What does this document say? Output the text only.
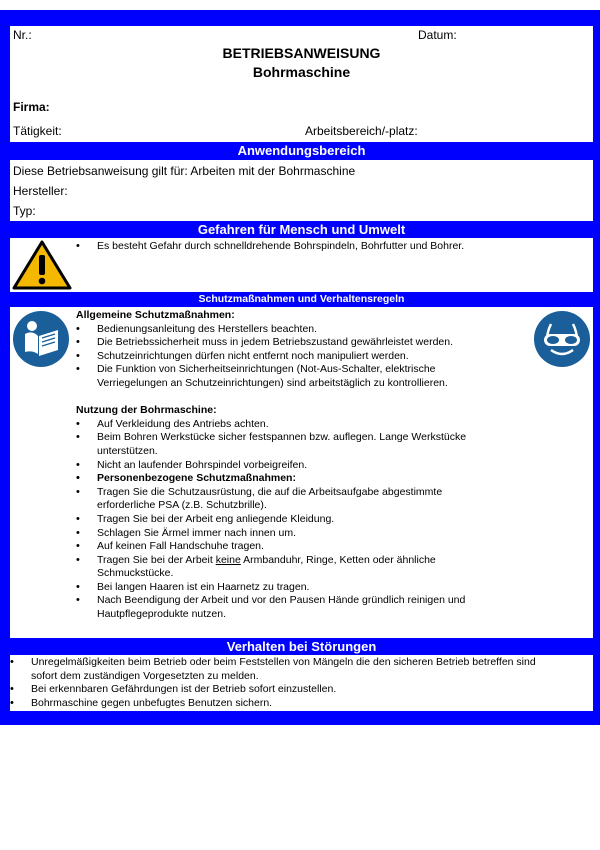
Nr.:	Datum:
BETRIEBSANWEISUNG
Bohrmaschine
Firma:
Tätigkeit:	Arbeitsbereich/-platz:
Anwendungsbereich
Diese Betriebsanweisung gilt für: Arbeiten mit der Bohrmaschine
Hersteller:
Typ:
Gefahren für Mensch und Umwelt
• Es besteht Gefahr durch schnelldrehende Bohrspindeln, Bohrfutter und Bohrer.
Schutzmaßnahmen und Verhaltensregeln
Allgemeine Schutzmaßnahmen:
• Bedienungsanleitung des Herstellers beachten.
• Die Betriebssicherheit muss in jedem Betriebszustand gewährleistet werden.
• Schutzeinrichtungen dürfen nicht entfernt noch manipuliert werden.
• Die Funktion von Sicherheitseinrichtungen (Not-Aus-Schalter, elektrische
Verriegelungen an Schutzeinrichtungen) sind arbeitstäglich zu kontrollieren.
Nutzung der Bohrmaschine:
• Auf Verkleidung des Antriebs achten.
• Beim Bohren Werkstücke sicher festspannen bzw. auflegen. Lange Werkstücke
unterstützen.
• Nicht an laufender Bohrspindel vorbeigreifen.
• Personenbezogene Schutzmaßnahmen:
• Tragen Sie die Schutzausrüstung, die auf die Arbeitsaufgabe abgestimmte
erforderliche PSA (z.B. Schutzbrille).
• Tragen Sie bei der Arbeit eng anliegende Kleidung.
• Schlagen Sie Ärmel immer nach innen um.
• Auf keinen Fall Handschuhe tragen.
• Tragen Sie bei der Arbeit keine Armbanduhr, Ringe, Ketten oder ähnliche
Schmuckstücke.
• Bei langen Haaren ist ein Haarnetz zu tragen.
• Nach Beendigung der Arbeit und vor den Pausen Hände gründlich reinigen und
Hautpflegeprodukte nutzen.
Verhalten bei Störungen
• Unregelmäßigkeiten beim Betrieb oder beim Feststellen von Mängeln die den sicheren Betrieb betreffen sind
sofort dem zuständigen Vorgesetzten zu melden.
• Bei erkennbaren Gefährdungen ist der Betrieb sofort einzustellen.
• Bohrmaschine gegen unbefugtes Benutzen sichern.
